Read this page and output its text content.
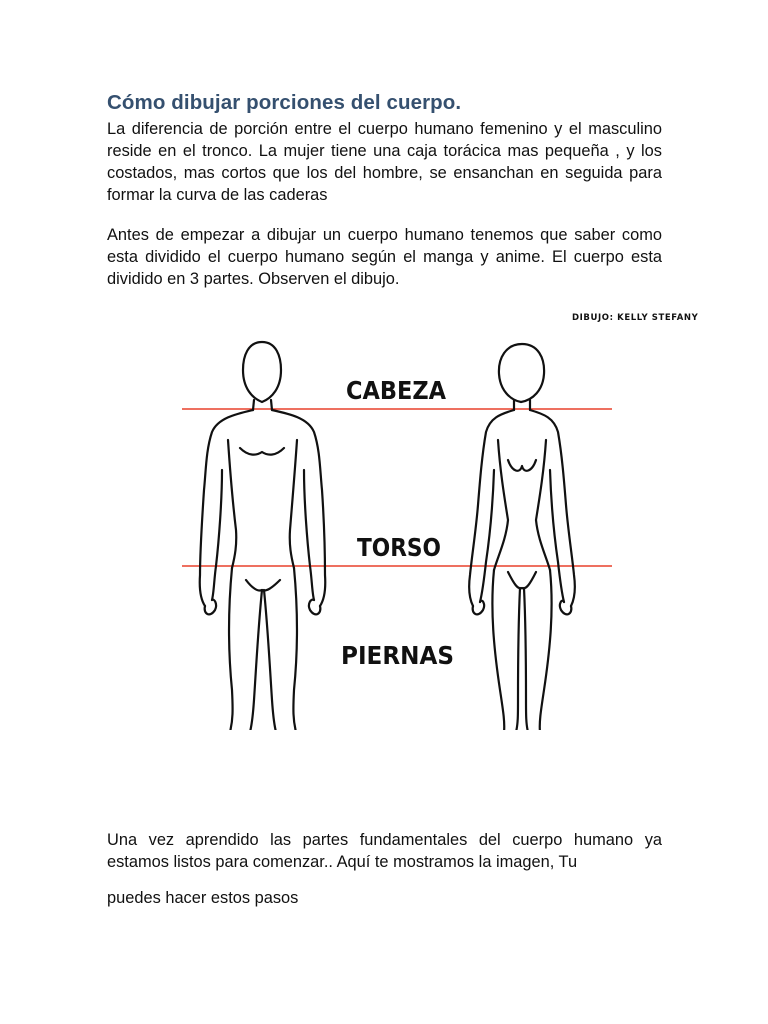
Cómo dibujar porciones del cuerpo.

La diferencia de porción entre el cuerpo humano femenino y el masculino reside en el tronco. La mujer tiene una caja torácica mas pequeña , y los costados, mas cortos que los del hombre, se ensanchan en seguida para formar la curva de las caderas

Antes de empezar a dibujar un cuerpo humano tenemos que saber como esta dividido el cuerpo humano según el manga y anime. El cuerpo esta dividido en 3 partes. Observen el dibujo.

DIBUJO: KELLY STEFANY
CABEZA
TORSO
PIERNAS

Una vez aprendido las partes fundamentales del cuerpo humano ya estamos listos para comenzar.. Aquí te mostramos la imagen, Tu

puedes hacer estos pasos
